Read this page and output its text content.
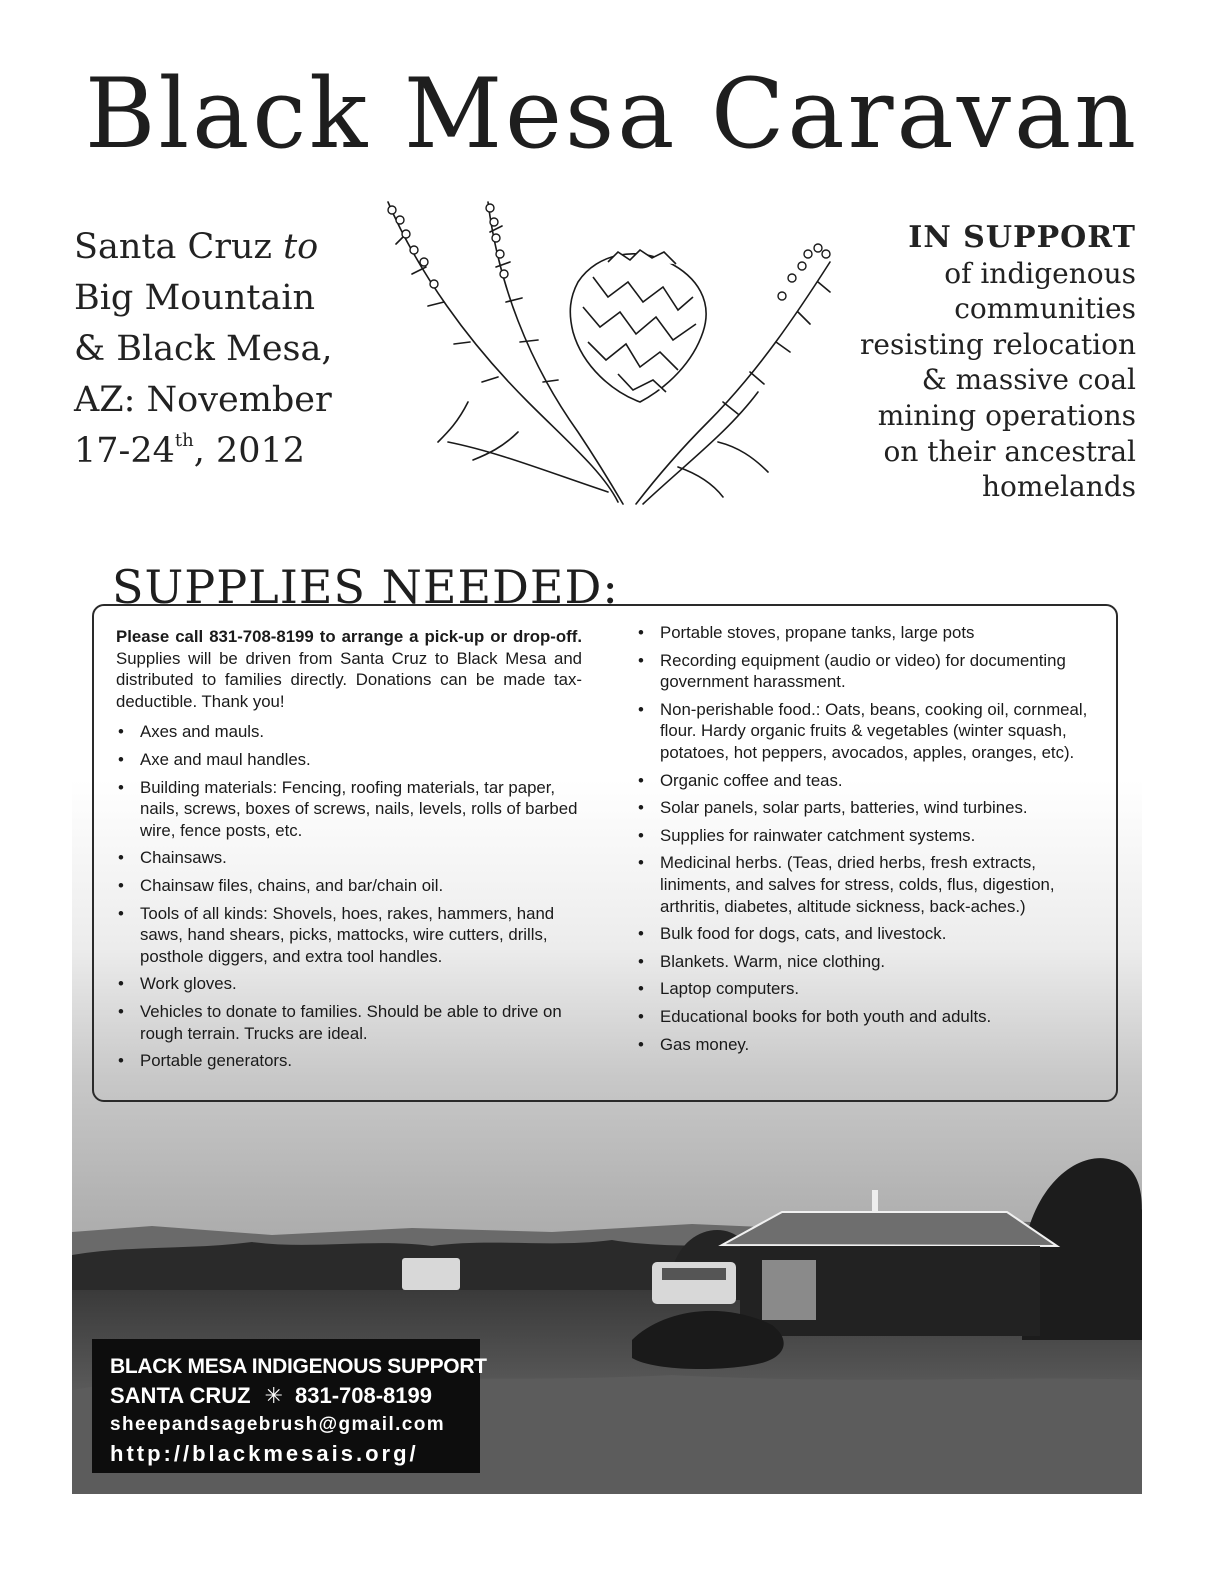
Black Mesa Caravan
Santa Cruz to
Big Mountain
& Black Mesa,
AZ: November
17-24th, 2012
IN SUPPORT
of indigenous
communities
resisting relocation
& massive coal
mining operations
on their ancestral
homelands
SUPPLIES NEEDED:

Please call 831-708-8199 to arrange a pick-up or drop-off. Supplies will be driven from Santa Cruz to Black Mesa and distributed to families directly. Donations can be made tax-deductible. Thank you!

• Axes and mauls.
• Axe and maul handles.
• Building materials: Fencing, roofing materials, tar paper, nails, screws, boxes of screws, nails, levels, rolls of barbed wire, fence posts, etc.
• Chainsaws.
• Chainsaw files, chains, and bar/chain oil.
• Tools of all kinds: Shovels, hoes, rakes, hammers, hand saws, hand shears, picks, mattocks, wire cutters, drills, posthole diggers, and extra tool handles.
• Work gloves.
• Vehicles to donate to families. Should be able to drive on rough terrain. Trucks are ideal.
• Portable generators.
• Portable stoves, propane tanks, large pots
• Recording equipment (audio or video) for documenting government harassment.
• Non-perishable food.: Oats, beans, cooking oil, cornmeal, flour. Hardy organic fruits & vegetables (winter squash, potatoes, hot peppers, avocados, apples, oranges, etc).
• Organic coffee and teas.
• Solar panels, solar parts, batteries, wind turbines.
• Supplies for rainwater catchment systems.
• Medicinal herbs. (Teas, dried herbs, fresh extracts, liniments, and salves for stress, colds, flus, digestion, arthritis, diabetes, altitude sickness, back-aches.)
• Bulk food for dogs, cats, and livestock.
• Blankets. Warm, nice clothing.
• Laptop computers.
• Educational books for both youth and adults.
• Gas money.
BLACK MESA INDIGENOUS SUPPORT
SANTA CRUZ ✳ 831-708-8199
sheepandsagebrush@gmail.com
http://blackmesais.org/
